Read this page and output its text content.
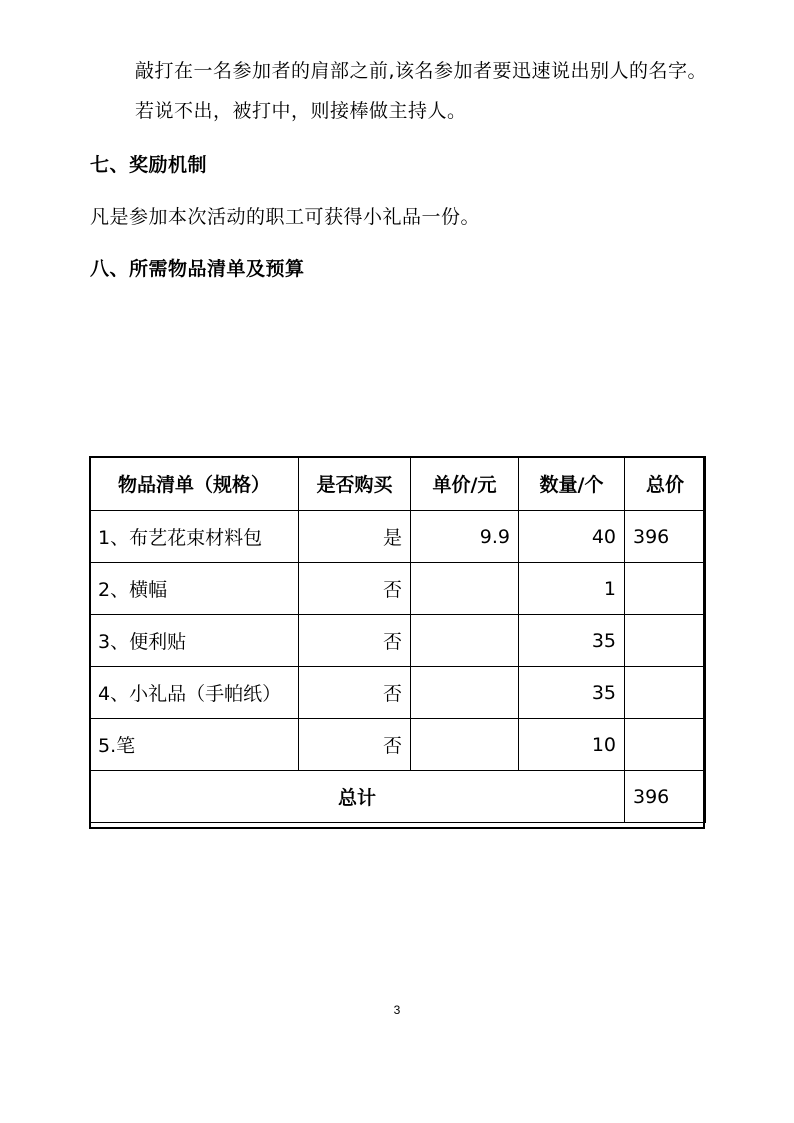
敲打在一名参加者的肩部之前,该名参加者要迅速说出别人的名字。
若说不出，被打中，则接棒做主持人。
七、奖励机制
凡是参加本次活动的职工可获得小礼品一份。
八、所需物品清单及预算
物品清单（规格）	是否购买	单价/元	数量/个	总价
1、布艺花束材料包	是	9.9	40	396
2、横幅	否		1	
3、便利贴	否		35	
4、小礼品（手帕纸）	否		35	
5.笔	否		10	
总计				396
3
